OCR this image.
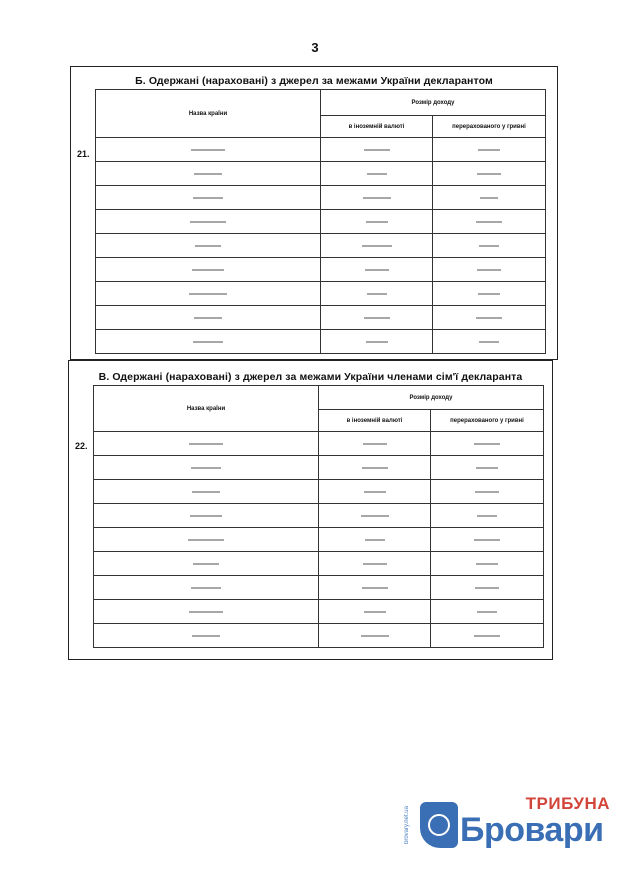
3
Б. Одержані (нараховані) з джерел за межами України декларантом
21.
Назва країни	Розмір доходу	
	в іноземній валюті	перерахованого у гривні

В. Одержані (нараховані) з джерел за межами України членами сім'ї декларанта
22.
Назва країни	Розмір доходу	
	в іноземній валюті	перерахованого у гривні

brovary.net.ua
ТРИБУНА
Бровари
